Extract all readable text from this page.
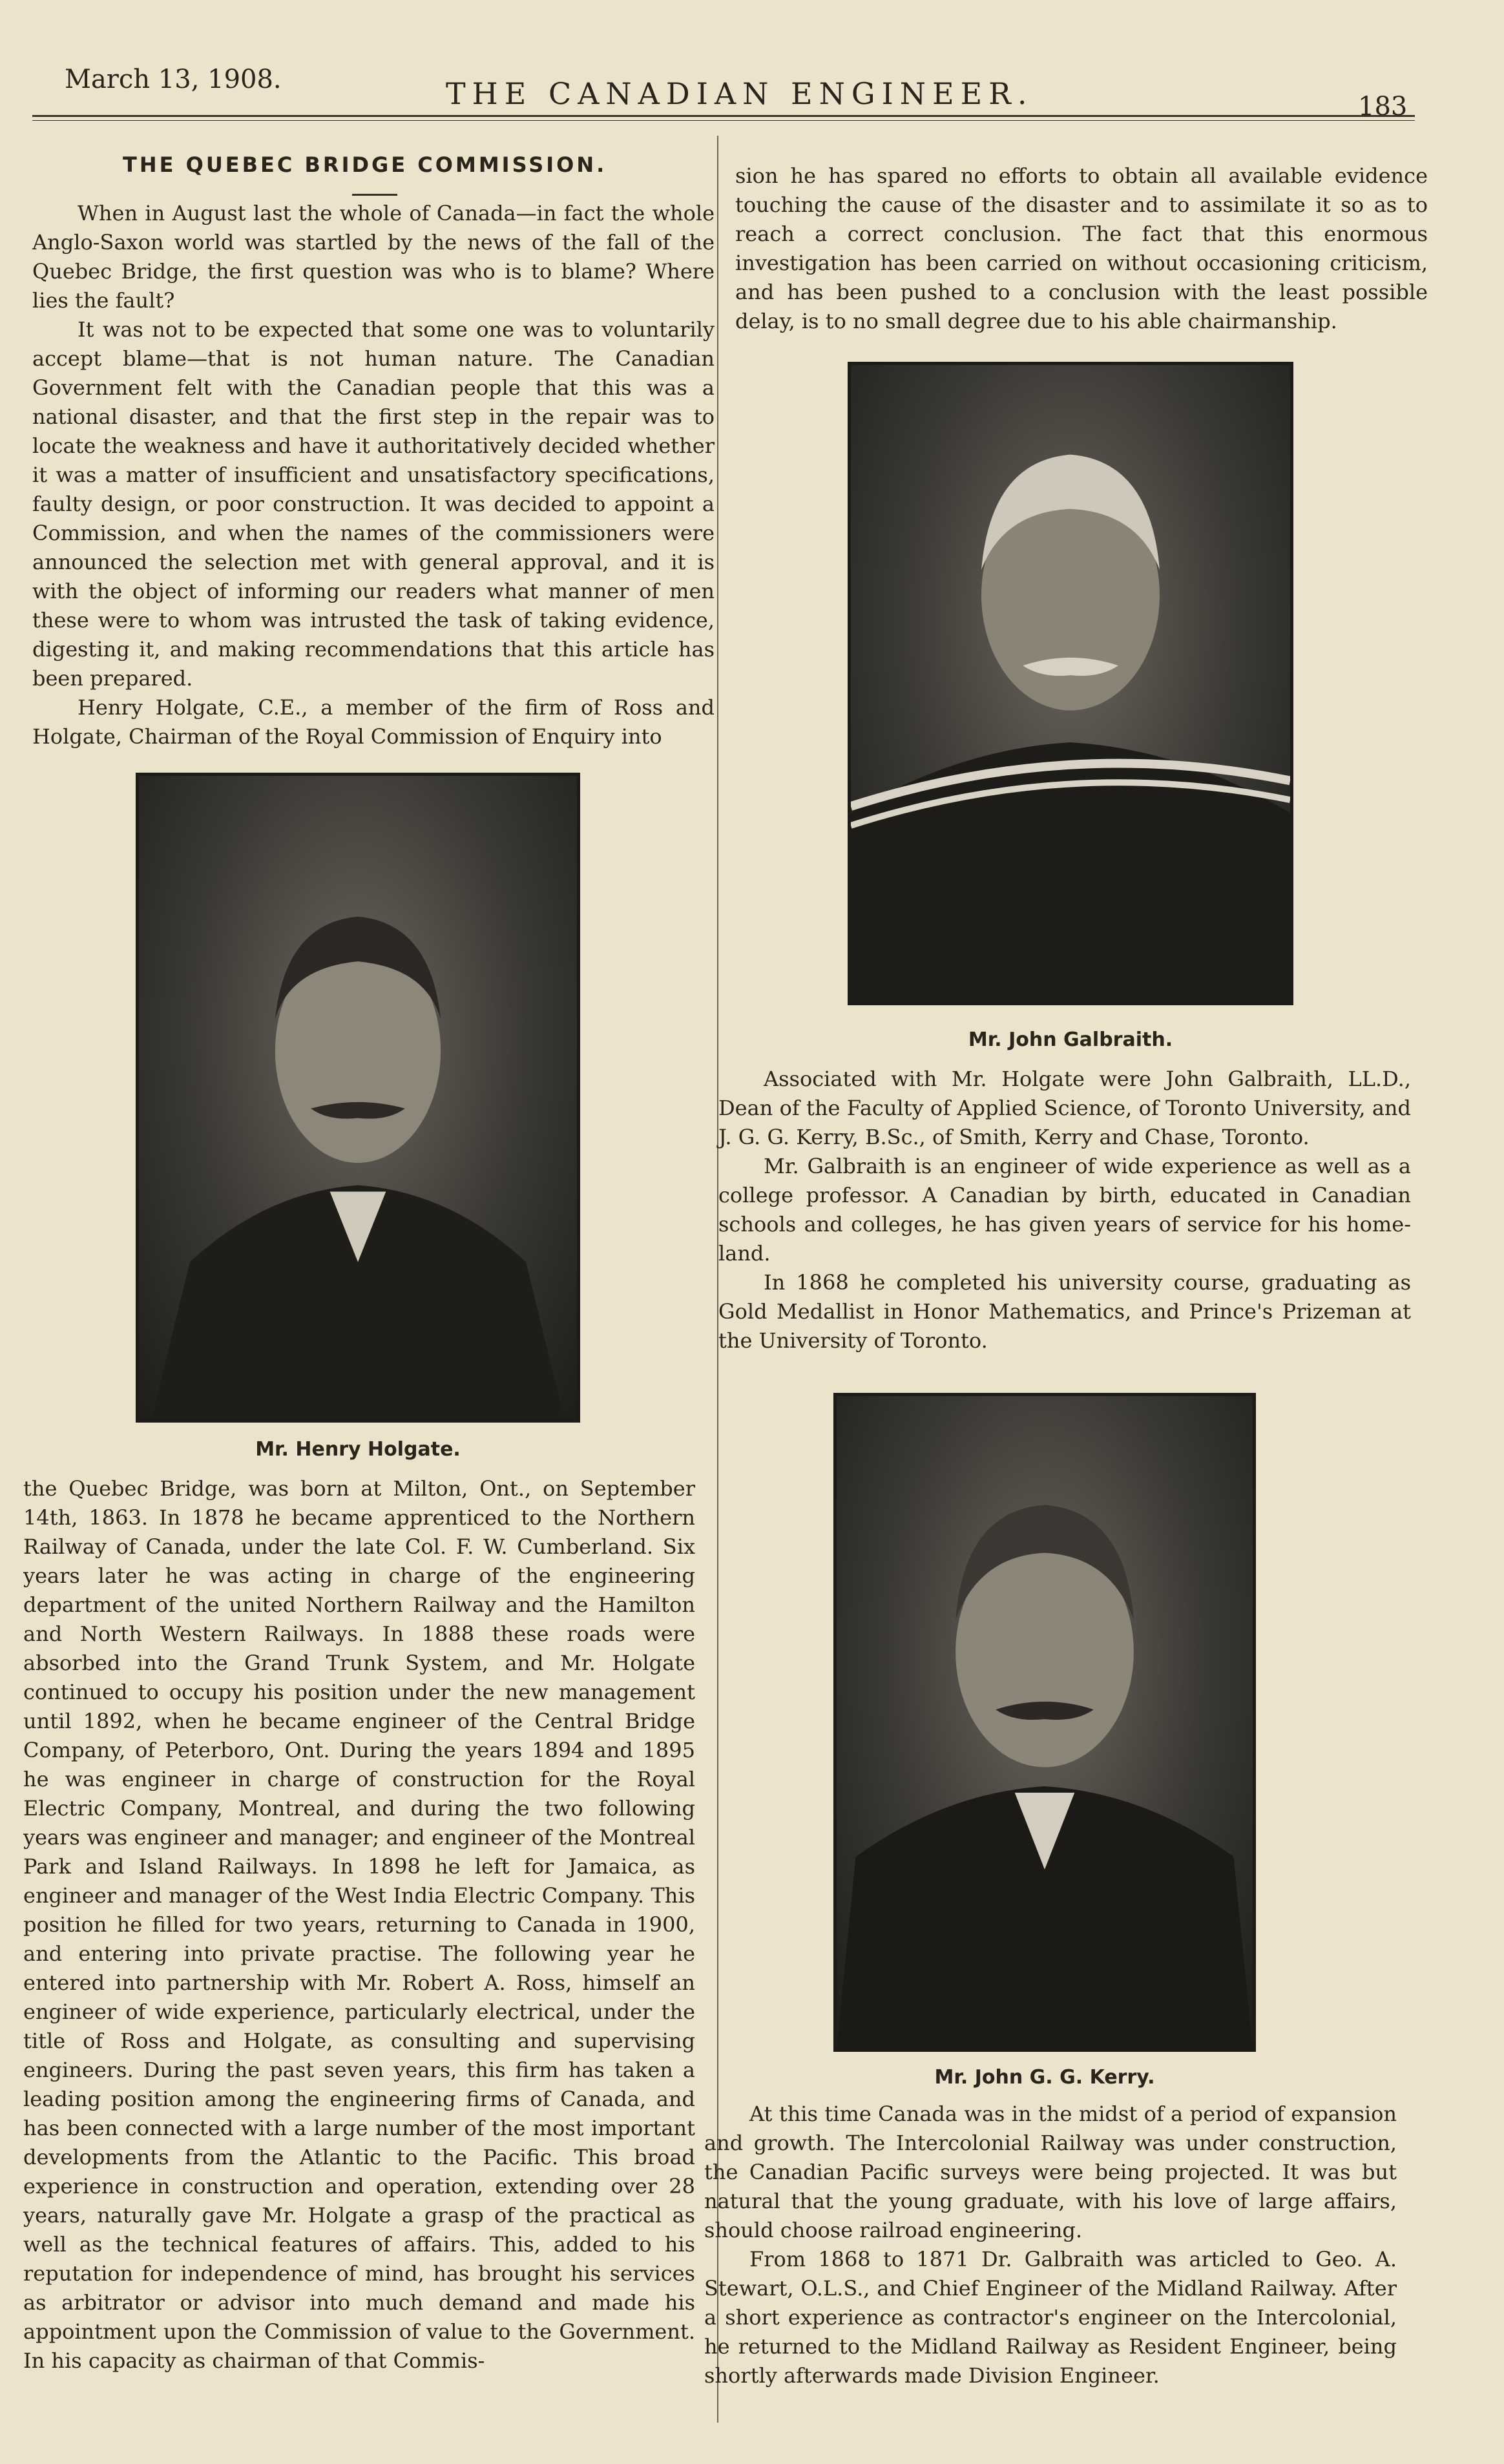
March 13, 1908.	THE CANADIAN ENGINEER.	183
THE QUEBEC BRIDGE COMMISSION.

When in August last the whole of Canada—in fact the whole Anglo-Saxon world was startled by the news of the fall of the Quebec Bridge, the first question was who is to blame? Where lies the fault?

It was not to be expected that some one was to voluntarily accept blame—that is not human nature. The Canadian Government felt with the Canadian people that this was a national disaster, and that the first step in the repair was to locate the weakness and have it authoritatively decided whether it was a matter of insufficient and unsatisfactory specifications, faulty design, or poor construction. It was decided to appoint a Commission, and when the names of the commissioners were announced the selection met with general approval, and it is with the object of informing our readers what manner of men these were to whom was intrusted the task of taking evidence, digesting it, and making recommendations that this article has been prepared.

Henry Holgate, C.E., a member of the firm of Ross and Holgate, Chairman of the Royal Commission of Enquiry into

Mr. Henry Holgate.

the Quebec Bridge, was born at Milton, Ont., on September 14th, 1863. In 1878 he became apprenticed to the Northern Railway of Canada, under the late Col. F. W. Cumberland. Six years later he was acting in charge of the engineering department of the united Northern Railway and the Hamilton and North Western Railways. In 1888 these roads were absorbed into the Grand Trunk System, and Mr. Holgate continued to occupy his position under the new management until 1892, when he became engineer of the Central Bridge Company, of Peterboro, Ont. During the years 1894 and 1895 he was engineer in charge of construction for the Royal Electric Company, Montreal, and during the two following years was engineer and manager; and engineer of the Montreal Park and Island Railways. In 1898 he left for Jamaica, as engineer and manager of the West India Electric Company. This position he filled for two years, returning to Canada in 1900, and entering into private practise. The following year he entered into partnership with Mr. Robert A. Ross, himself an engineer of wide experience, particularly electrical, under the title of Ross and Holgate, as consulting and supervising engineers. During the past seven years, this firm has taken a leading position among the engineering firms of Canada, and has been connected with a large number of the most important developments from the Atlantic to the Pacific. This broad experience in construction and operation, extending over 28 years, naturally gave Mr. Holgate a grasp of the practical as well as the technical features of affairs. This, added to his reputation for independence of mind, has brought his services as arbitrator or advisor into much demand and made his appointment upon the Commission of value to the Government. In his capacity as chairman of that Commis-

sion he has spared no efforts to obtain all available evidence touching the cause of the disaster and to assimilate it so as to reach a correct conclusion. The fact that this enormous investigation has been carried on without occasioning criticism, and has been pushed to a conclusion with the least possible delay, is to no small degree due to his able chairmanship.

Mr. John Galbraith.

Associated with Mr. Holgate were John Galbraith, LL.D., Dean of the Faculty of Applied Science, of Toronto University, and J. G. G. Kerry, B.Sc., of Smith, Kerry and Chase, Toronto.

Mr. Galbraith is an engineer of wide experience as well as a college professor. A Canadian by birth, educated in Canadian schools and colleges, he has given years of service for his home-land.

In 1868 he completed his university course, graduating as Gold Medallist in Honor Mathematics, and Prince's Prizeman at the University of Toronto.

Mr. John G. G. Kerry.

At this time Canada was in the midst of a period of expansion and growth. The Intercolonial Railway was under construction, the Canadian Pacific surveys were being projected. It was but natural that the young graduate, with his love of large affairs, should choose railroad engineering.

From 1868 to 1871 Dr. Galbraith was articled to Geo. A. Stewart, O.L.S., and Chief Engineer of the Midland Railway. After a short experience as contractor's engineer on the Intercolonial, he returned to the Midland Railway as Resident Engineer, being shortly afterwards made Division Engineer.
